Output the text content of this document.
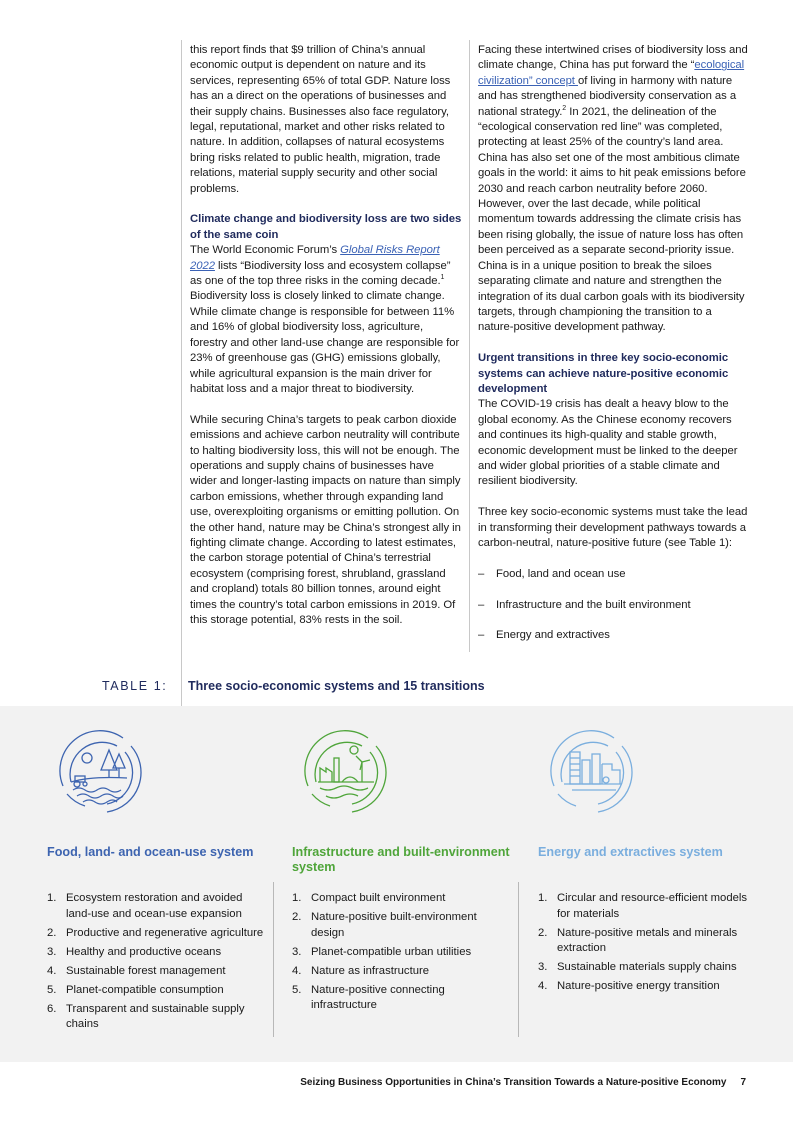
this report finds that $9 trillion of China’s annual economic output is dependent on nature and its services, representing 65% of total GDP. Nature loss has an a direct on the operations of businesses and their supply chains. Businesses also face regulatory, legal, reputational, market and other risks related to nature. In addition, collapses of natural ecosystems bring risks related to public health, migration, trade relations, material supply security and other social problems.

Climate change and biodiversity loss are two sides of the same coin
The World Economic Forum’s Global Risks Report 2022 lists “Biodiversity loss and ecosystem collapse” as one of the top three risks in the coming decade.$^1$ Biodiversity loss is closely linked to climate change. While climate change is responsible for between 11% and 16% of global biodiversity loss, agriculture, forestry and other land-use change are responsible for 23% of greenhouse gas (GHG) emissions globally, while agricultural expansion is the main driver for habitat loss and a major threat to biodiversity.

While securing China’s targets to peak carbon dioxide emissions and achieve carbon neutrality will contribute to halting biodiversity loss, this will not be enough. The operations and supply chains of businesses have wider and longer-lasting impacts on nature than simply carbon emissions, whether through expanding land use, overexploiting organisms or emitting pollution. On the other hand, nature may be China’s strongest ally in fighting climate change. According to latest estimates, the carbon storage potential of China’s terrestrial ecosystem (comprising forest, shrubland, grassland and cropland) totals 80 billion tonnes, around eight times the country’s total carbon emissions in 2019. Of this storage potential, 83% rests in the soil.

Facing these intertwined crises of biodiversity loss and climate change, China has put forward the “ecological civilization” concept of living in harmony with nature and has strengthened biodiversity conservation as a national strategy.$^2$ In 2021, the delineation of the “ecological conservation red line” was completed, protecting at least 25% of the country’s land area. China has also set one of the most ambitious climate goals in the world: it aims to hit peak emissions before 2030 and reach carbon neutrality before 2060. However, over the last decade, while political momentum towards addressing the climate crisis has been rising globally, the issue of nature loss has often been perceived as a separate second-priority issue. China is in a unique position to break the siloes separating climate and nature and strengthen the integration of its dual carbon goals with its biodiversity targets, through championing the transition to a nature-positive development pathway.

Urgent transitions in three key socio-economic systems can achieve nature-positive economic development
The COVID-19 crisis has dealt a heavy blow to the global economy. As the Chinese economy recovers and continues its high-quality and stable growth, economic development must be linked to the deeper and wider global priorities of a stable climate and resilient biodiversity.

Three key socio-economic systems must take the lead in transforming their development pathways towards a carbon-neutral, nature-positive future (see Table 1):

– Food, land and ocean use
– Infrastructure and the built environment
– Energy and extractives
TABLE 1: Three socio-economic systems and 15 transitions
Food, land- and ocean-use system
1. Ecosystem restoration and avoided land-use and ocean-use expansion
2. Productive and regenerative agriculture
3. Healthy and productive oceans
4. Sustainable forest management
5. Planet-compatible consumption
6. Transparent and sustainable supply chains
Infrastructure and built-environment system
1. Compact built environment
2. Nature-positive built-environment design
3. Planet-compatible urban utilities
4. Nature as infrastructure
5. Nature-positive connecting infrastructure
Energy and extractives system
1. Circular and resource-efficient models for materials
2. Nature-positive metals and minerals extraction
3. Sustainable materials supply chains
4. Nature-positive energy transition
Seizing Business Opportunities in China’s Transition Towards a Nature-positive Economy 7
